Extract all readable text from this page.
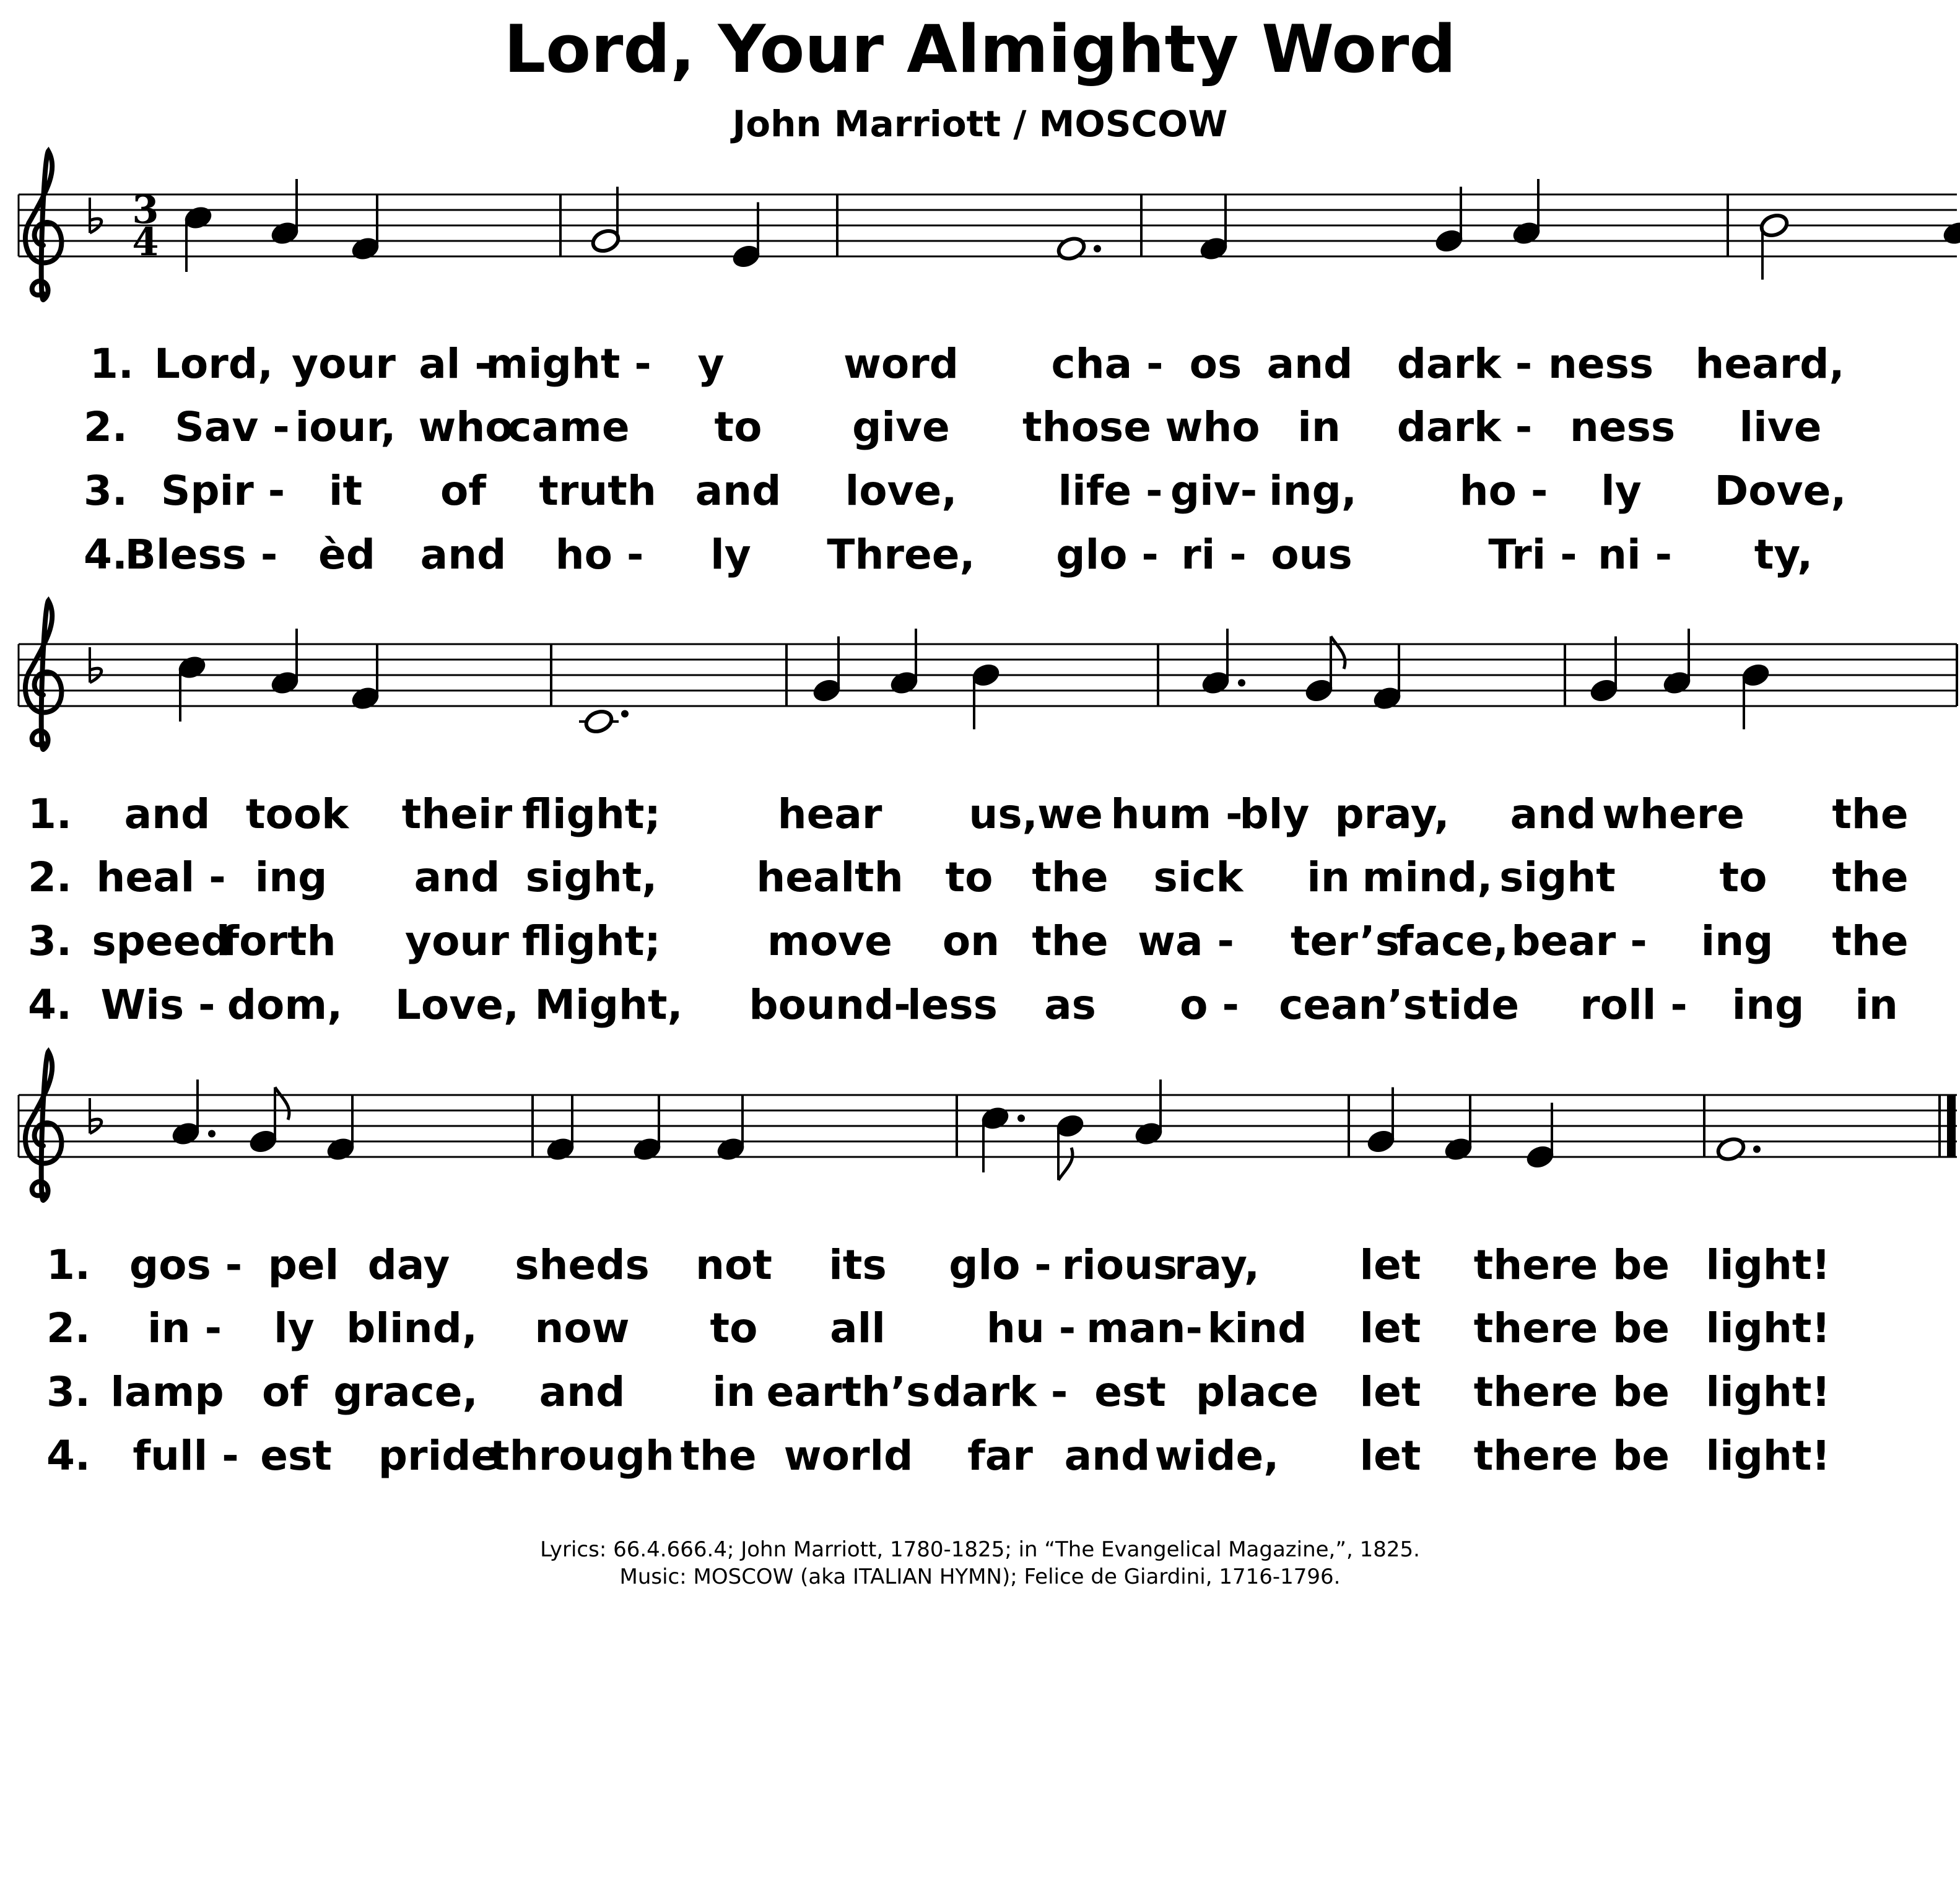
Lord, Your Almighty Word
John Marriott / MOSCOW
3
4
1. Lord, your al -
might - y	word cha - os and dark - ness heard,
2. Sav - iour, who
came to give those who in dark - ness live
3. Spir - it of truth and love, life - giv- ing,	ho - ly Dove,
4.
Bless - èd and ho - ly Three, glo - ri - ous	Tri - ni - ty,
1. and took their flight;	hear us, we hum -
bly pray, and where the
2. heal - ing and sight, health to the sick in mind, sight	to the
3. speed
forth your flight;	move on the wa - ter’s
face, bear - ing the
4. Wis - dom, Love, Might, bound-
less as o - cean’s tide roll - ing in
1. gos - pel day sheds not its glo - rious
ray, let there be light!
2. in - ly blind, now to all hu - man- kind let there be light!
3. lamp of grace, and in earth’s dark - est place let there be light!
4. full - est pride
through the world far and wide, let there be light!
Lyrics: 66.4.666.4; John Marriott, 1780-1825; in “The Evangelical Magazine,”, 1825.
Music: MOSCOW (aka ITALIAN HYMN); Felice de Giardini, 1716-1796.
